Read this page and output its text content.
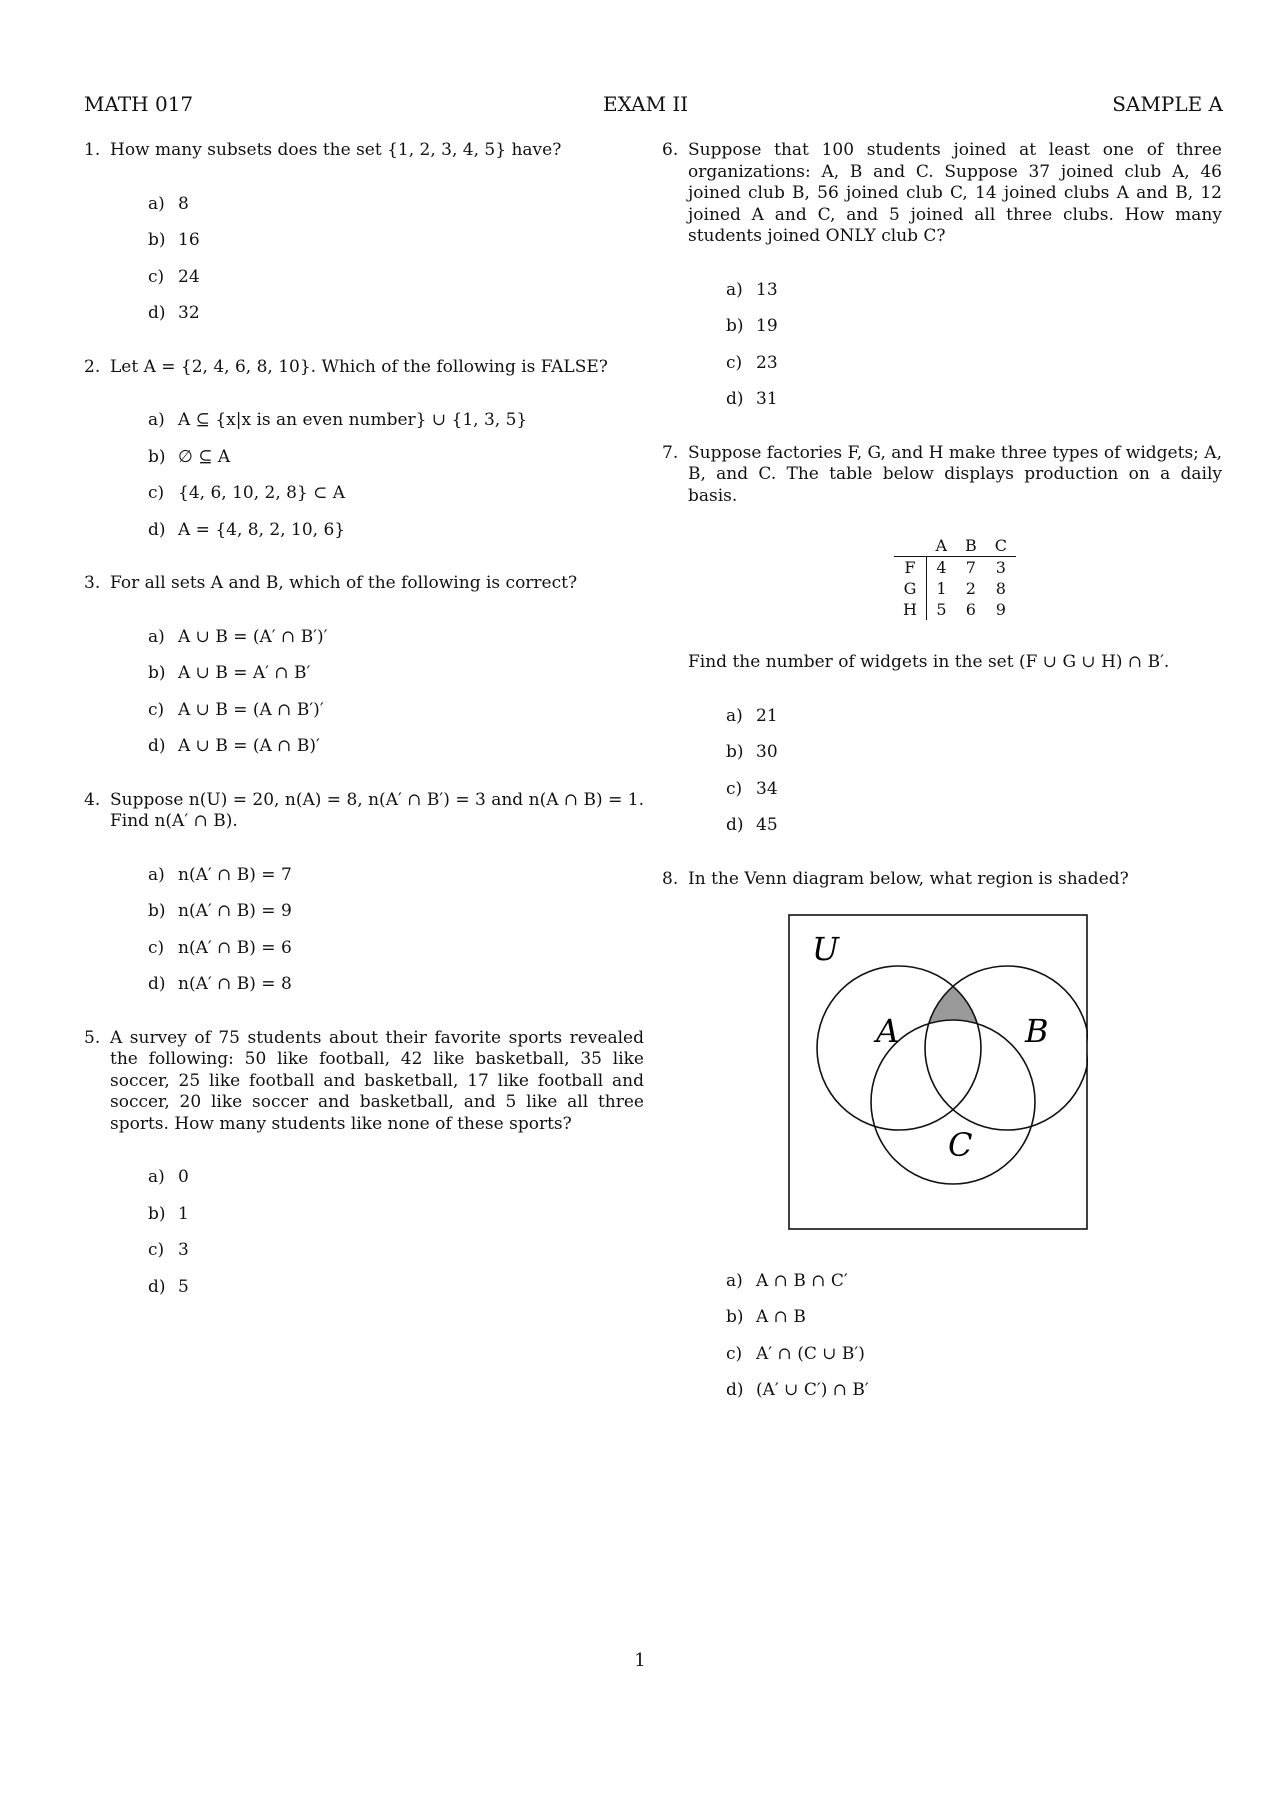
MATH 017	EXAM II	SAMPLE A
1. How many subsets does the set {1, 2, 3, 4, 5} have?
a) 8
b) 16
c) 24
d) 32
2. Let A = {2, 4, 6, 8, 10}. Which of the following is FALSE?
a) A ⊆ {x|x is an even number} ∪ {1, 3, 5}
b) ∅ ⊆ A
c) {4, 6, 10, 2, 8} ⊂ A
d) A = {4, 8, 2, 10, 6}
3. For all sets A and B, which of the following is correct?
a) A ∪ B = (A′ ∩ B′)′
b) A ∪ B = A′ ∩ B′
c) A ∪ B = (A ∩ B′)′
d) A ∪ B = (A ∩ B)′
4. Suppose n(U) = 20, n(A) = 8, n(A′ ∩ B′) = 3 and n(A ∩ B) = 1. Find n(A′ ∩ B).
a) n(A′ ∩ B) = 7
b) n(A′ ∩ B) = 9
c) n(A′ ∩ B) = 6
d) n(A′ ∩ B) = 8
5. A survey of 75 students about their favorite sports revealed the following: 50 like football, 42 like basketball, 35 like soccer, 25 like football and basketball, 17 like football and soccer, 20 like soccer and basketball, and 5 like all three sports. How many students like none of these sports?
a) 0
b) 1
c) 3
d) 5
6. Suppose that 100 students joined at least one of three organizations: A, B and C. Suppose 37 joined club A, 46 joined club B, 56 joined club C, 14 joined clubs A and B, 12 joined A and C, and 5 joined all three clubs. How many students joined ONLY club C?
a) 13
b) 19
c) 23
d) 31
7. Suppose factories F, G, and H make three types of widgets; A, B, and C. The table below displays production on a daily basis.
	A	B	C
F	4	7	3
G	1	2	8
H	5	6	9
Find the number of widgets in the set (F ∪ G ∪ H) ∩ B′.
a) 21
b) 30
c) 34
d) 45
8. In the Venn diagram below, what region is shaded?
U
A	B
C
a) A ∩ B ∩ C′
b) A ∩ B
c) A′ ∩ (C ∪ B′)
d) (A′ ∪ C′) ∩ B′
1
